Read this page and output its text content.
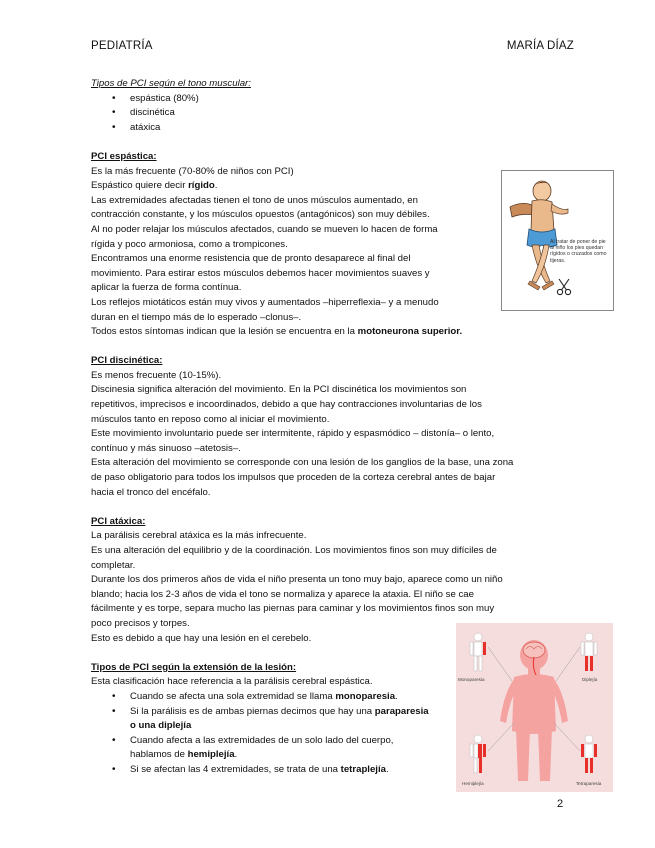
PEDIATRÍA	MARÍA DÍAZ
Tipos de PCI según el tono muscular:
• espástica (80%)
• discinética
• atáxica
PCI espástica:
Es la más frecuente (70-80% de niños con PCI)
Espástico quiere decir rígido.
Las extremidades afectadas tienen el tono de unos músculos aumentado, en
contracción constante, y los músculos opuestos (antagónicos) son muy débiles.
Al no poder relajar los músculos afectados, cuando se mueven lo hacen de forma
rígida y poco armoniosa, como a trompicones.
Encontramos una enorme resistencia que de pronto desaparece al final del
movimiento. Para estirar estos músculos debemos hacer movimientos suaves y
aplicar la fuerza de forma contínua.
Los reflejos miotáticos están muy vivos y aumentados –hiperreflexia– y a menudo
duran en el tiempo más de lo esperado –clonus–.
Todos estos síntomas indican que la lesión se encuentra en la motoneurona superior.
PCI discinética:
Es menos frecuente (10-15%).
Discinesia significa alteración del movimiento. En la PCI discinética los movimientos son
repetitivos, imprecisos e incoordinados, debido a que hay contracciones involuntarias de los
músculos tanto en reposo como al iniciar el movimiento.
Este movimiento involuntario puede ser intermitente, rápido y espasmódico – distonía– o lento,
contínuo y más sinuoso –atetosis–.
Esta alteración del movimiento se corresponde con una lesión de los ganglios de la base, una zona
de paso obligatorio para todos los impulsos que proceden de la corteza cerebral antes de bajar
hacia el tronco del encéfalo.
PCI atáxica:
La parálisis cerebral atáxica es la más infrecuente.
Es una alteración del equilibrio y de la coordinación. Los movimientos finos son muy difíciles de
completar.
Durante los dos primeros años de vida el niño presenta un tono muy bajo, aparece como un niño
blando; hacia los 2-3 años de vida el tono se normaliza y aparece la ataxia. El niño se cae
fácilmente y es torpe, separa mucho las piernas para caminar y los movimientos finos son muy
poco precisos y torpes.
Esto es debido a que hay una lesión en el cerebelo.
Tipos de PCI según la extensión de la lesión:
Esta clasificación hace referencia a la parálisis cerebral espástica.
• Cuando se afecta una sola extremidad se llama monoparesia.
• Si la parálisis es de ambas piernas decimos que hay una paraparesia o una diplejía
• Cuando afecta a las extremidades de un solo lado del cuerpo, hablamos de hemiplejía.
• Si se afectan las 4 extremidades, se trata de una tetraplejía.
Al tratar de poner de pie al niño los pies quedan rígidos o cruzados como tijeras.
Monoparesia	Diplejía
Hemiplejía	Tetraparesia
2
